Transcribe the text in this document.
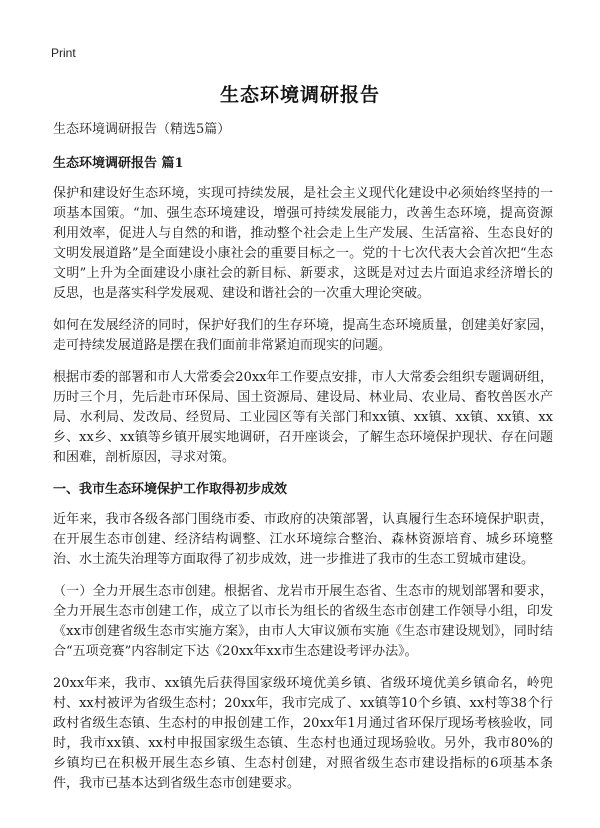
Print
生态环境调研报告

生态环境调研报告（精选5篇）

生态环境调研报告 篇1

保护和建设好生态环境，实现可持续发展，是社会主义现代化建设中必须始终坚持的一项基本国策。“加、强生态环境建设，增强可持续发展能力，改善生态环境，提高资源利用效率，促进人与自然的和谐，推动整个社会走上生产发展、生活富裕、生态良好的文明发展道路”是全面建设小康社会的重要目标之一。党的十七次代表大会首次把“生态文明”上升为全面建设小康社会的新目标、新要求，这既是对过去片面追求经济增长的反思，也是落实科学发展观、建设和谐社会的一次重大理论突破。

如何在发展经济的同时，保护好我们的生存环境，提高生态环境质量，创建美好家园，走可持续发展道路是摆在我们面前非常紧迫而现实的问题。

根据市委的部署和市人大常委会20xx年工作要点安排，市人大常委会组织专题调研组，历时三个月，先后赴市环保局、国土资源局、建设局、林业局、农业局、畜牧兽医水产局、水利局、发改局、经贸局、工业园区等有关部门和xx镇、xx镇、xx镇、xx镇、xx乡、xx乡、xx镇等乡镇开展实地调研，召开座谈会，了解生态环境保护现状、存在问题和困难，剖析原因，寻求对策。

一、我市生态环境保护工作取得初步成效

近年来，我市各级各部门围绕市委、市政府的决策部署，认真履行生态环境保护职责，在开展生态市创建、经济结构调整、江水环境综合整治、森林资源培育、城乡环境整治、水土流失治理等方面取得了初步成效，进一步推进了我市的生态工贸城市建设。

（一）全力开展生态市创建。根据省、龙岩市开展生态省、生态市的规划部署和要求，全力开展生态市创建工作，成立了以市长为组长的省级生态市创建工作领导小组，印发《xx市创建省级生态市实施方案》，由市人大审议颁布实施《生态市建设规划》，同时结合“五项竞赛”内容制定下达《20xx年xx市生态建设考评办法》。

20xx年来，我市、xx镇先后获得国家级环境优美乡镇、省级环境优美乡镇命名，岭兜村、xx村被评为省级生态村；20xx年，我市完成了、xx镇等10个乡镇、xx村等38个行政村省级生态镇、生态村的申报创建工作，20xx年1月通过省环保厅现场考核验收，同时，我市xx镇、xx村申报国家级生态镇、生态村也通过现场验收。另外，我市80%的乡镇均已在积极开展生态乡镇、生态村创建，对照省级生态市建设指标的6项基本条件，我市已基本达到省级生态市创建要求。
